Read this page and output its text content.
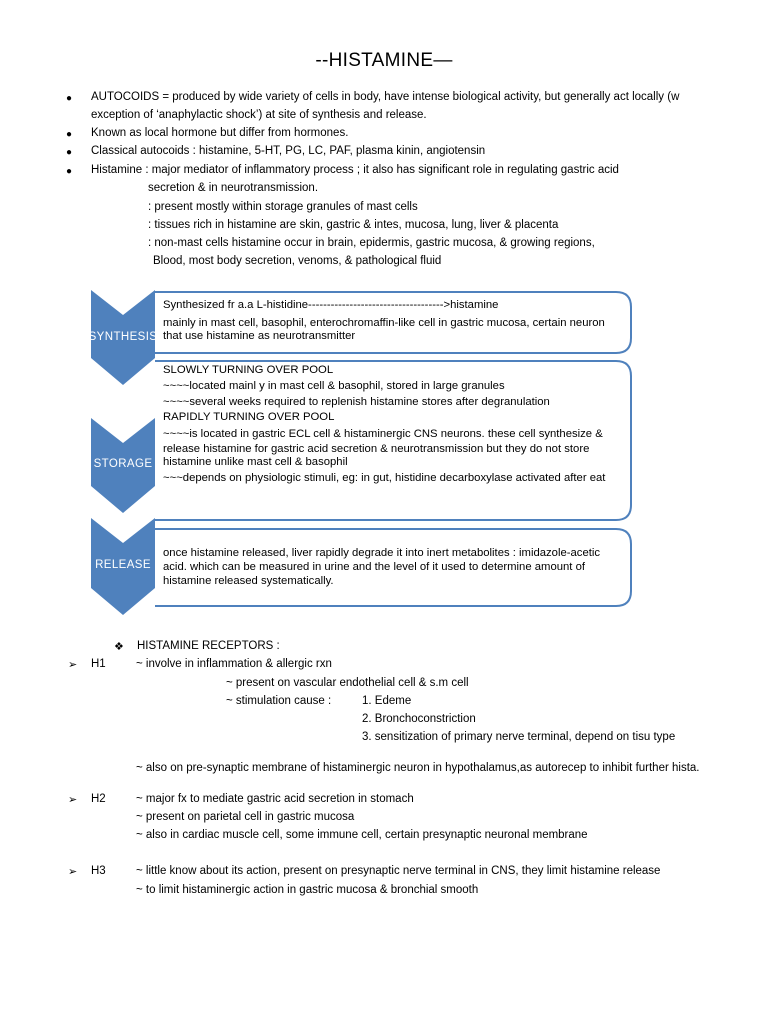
--HISTAMINE—
● AUTOCOIDS = produced by wide variety of cells in body, have intense biological activity, but generally act locally (w
exception of ‘anaphylactic shock’) at site of synthesis and release.
● Known as local hormone but differ from hormones.
● Classical autocoids : histamine, 5-HT, PG, LC, PAF, plasma kinin, angiotensin
● Histamine : major mediator of inflammatory process ; it also has significant role in regulating gastric acid
secretion & in neurotransmission.
: present mostly within storage granules of mast cells
: tissues rich in histamine are skin, gastric & intes, mucosa, lung, liver & placenta
: non-mast cells histamine occur in brain, epidermis, gastric mucosa, & growing regions,
Blood, most body secretion, venoms, & pathological fluid
SYNTHESIS
STORAGE
RELEASE
Synthesized fr a.a L-histidine------------------------------------>histamine
mainly in mast cell, basophil, enterochromaffin-like cell in gastric mucosa, certain neuron
that use histamine as neurotransmitter
SLOWLY TURNING OVER POOL
~~~~located mainl y in mast cell & basophil, stored in large granules
~~~~several weeks required to replenish histamine stores after degranulation
RAPIDLY TURNING OVER POOL
~~~~is located in gastric ECL cell & histaminergic CNS neurons. these cell synthesize &
release histamine for gastric acid secretion & neurotransmission but they do not store
histamine unlike mast cell & basophil
~~~depends on physiologic stimuli, eg: in gut, histidine decarboxylase activated after eat
once histamine released, liver rapidly degrade it into inert metabolites : imidazole-acetic
acid. which can be measured in urine and the level of it used to determine amount of
histamine released systematically.
❖ HISTAMINE RECEPTORS :
➢ H1	~ involve in inflammation & allergic rxn
~ present on vascular endothelial cell & s.m cell
~ stimulation cause :	1. Edeme
2. Bronchoconstriction
3. sensitization of primary nerve terminal, depend on tisu type
~ also on pre-synaptic membrane of histaminergic neuron in hypothalamus,as autorecep to inhibit further hista.
➢ H2	~ major fx to mediate gastric acid secretion in stomach
~ present on parietal cell in gastric mucosa
~ also in cardiac muscle cell, some immune cell, certain presynaptic neuronal membrane
➢ H3	~ little know about its action, present on presynaptic nerve terminal in CNS, they limit histamine release
~ to limit histaminergic action in gastric mucosa & bronchial smooth
